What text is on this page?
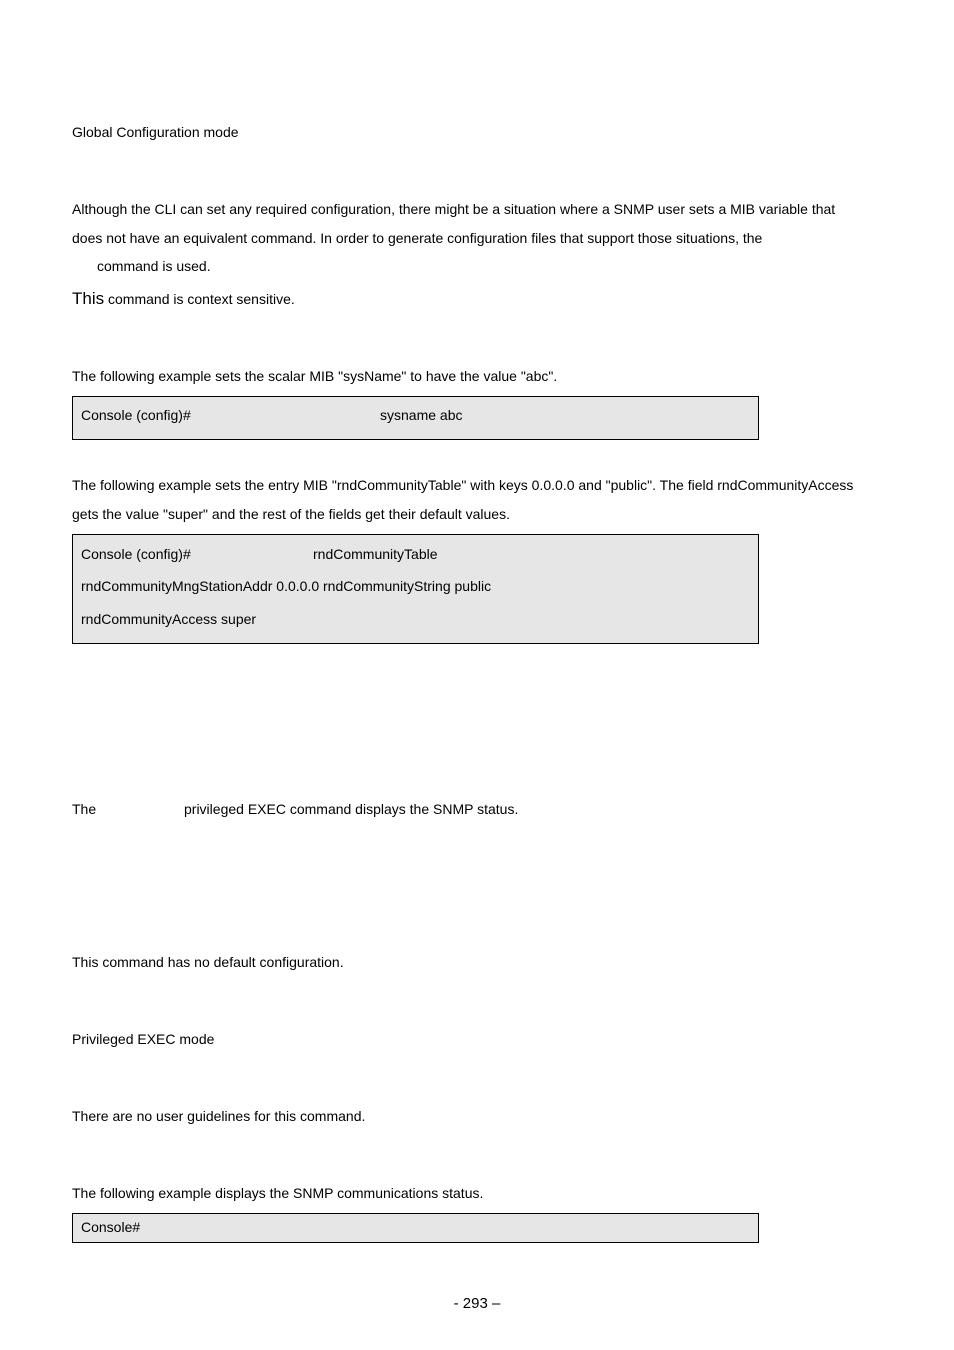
Global Configuration mode
Although the CLI can set any required configuration, there might be a situation where a SNMP user sets a MIB variable that
does not have an equivalent command. In order to generate configuration files that support those situations, the
command is used.
This command is context sensitive.
The following example sets the scalar MIB "sysName" to have the value "abc".
Console (config)#	sysname abc
The following example sets the entry MIB "rndCommunityTable" with keys 0.0.0.0 and "public". The field rndCommunityAccess
gets the value "super" and the rest of the fields get their default values.
Console (config)#	rndCommunityTable
rndCommunityMngStationAddr 0.0.0.0 rndCommunityString public
rndCommunityAccess super
The	privileged EXEC command displays the SNMP status.
This command has no default configuration.
Privileged EXEC mode
There are no user guidelines for this command.
The following example displays the SNMP communications status.
Console#
- 293 –
